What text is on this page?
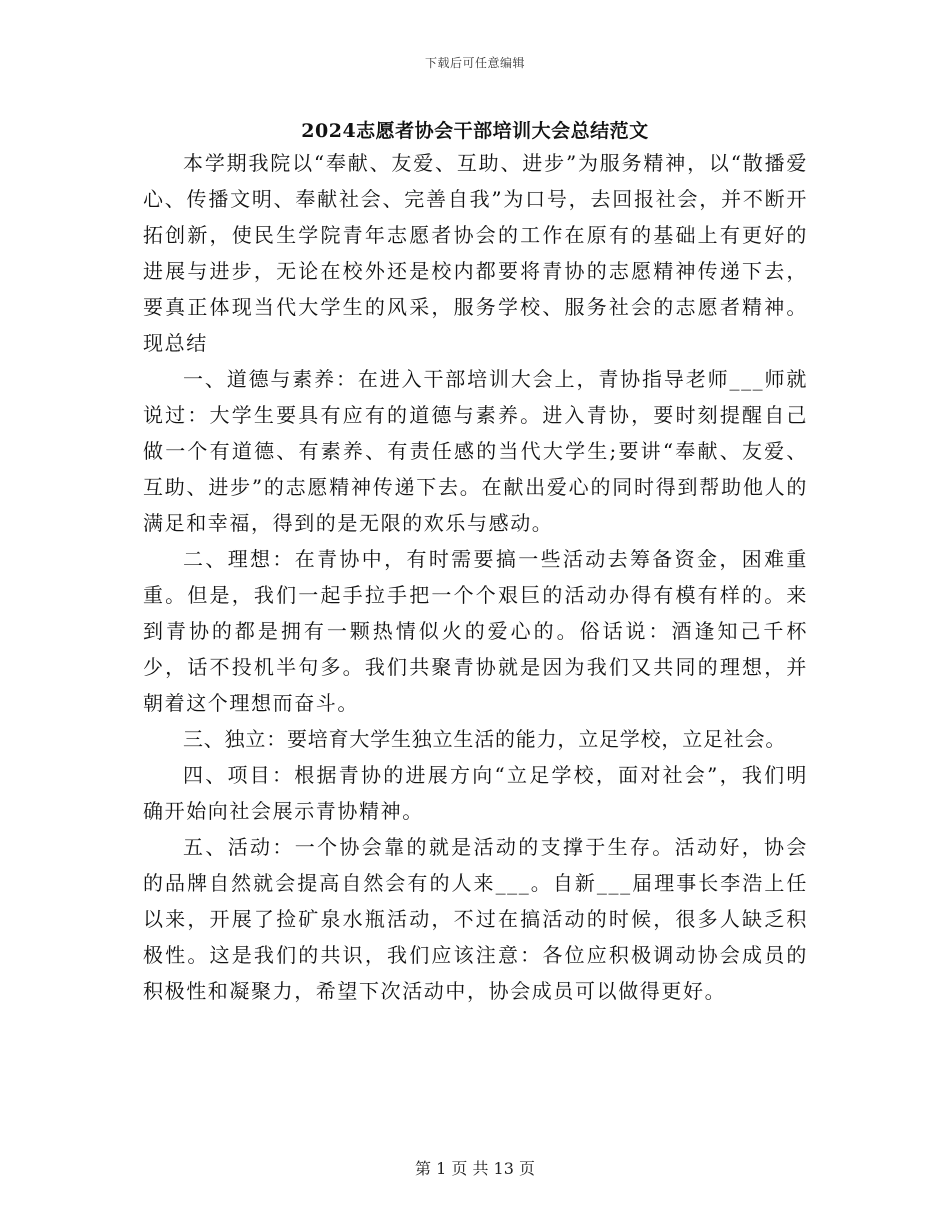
下载后可任意编辑
2024志愿者协会干部培训大会总结范文

本学期我院以“奉献、友爱、互助、进步”为服务精神，以“散播爱心、传播文明、奉献社会、完善自我”为口号，去回报社会，并不断开拓创新，使民生学院青年志愿者协会的工作在原有的基础上有更好的进展与进步，无论在校外还是校内都要将青协的志愿精神传递下去，要真正体现当代大学生的风采，服务学校、服务社会的志愿者精神。现总结

一、道德与素养：在进入干部培训大会上，青协指导老师___师就说过：大学生要具有应有的道德与素养。进入青协，要时刻提醒自己做一个有道德、有素养、有责任感的当代大学生;要讲“奉献、友爱、互助、进步”的志愿精神传递下去。在献出爱心的同时得到帮助他人的满足和幸福，得到的是无限的欢乐与感动。

二、理想：在青协中，有时需要搞一些活动去筹备资金，困难重重。但是，我们一起手拉手把一个个艰巨的活动办得有模有样的。来到青协的都是拥有一颗热情似火的爱心的。俗话说：酒逢知己千杯少，话不投机半句多。我们共聚青协就是因为我们又共同的理想，并朝着这个理想而奋斗。

三、独立：要培育大学生独立生活的能力，立足学校，立足社会。

四、项目：根据青协的进展方向“立足学校，面对社会”，我们明确开始向社会展示青协精神。

五、活动：一个协会靠的就是活动的支撑于生存。活动好，协会的品牌自然就会提高自然会有的人来___。自新___届理事长李浩上任以来，开展了捡矿泉水瓶活动，不过在搞活动的时候，很多人缺乏积极性。这是我们的共识，我们应该注意：各位应积极调动协会成员的积极性和凝聚力，希望下次活动中，协会成员可以做得更好。

第 1 页 共 13 页
